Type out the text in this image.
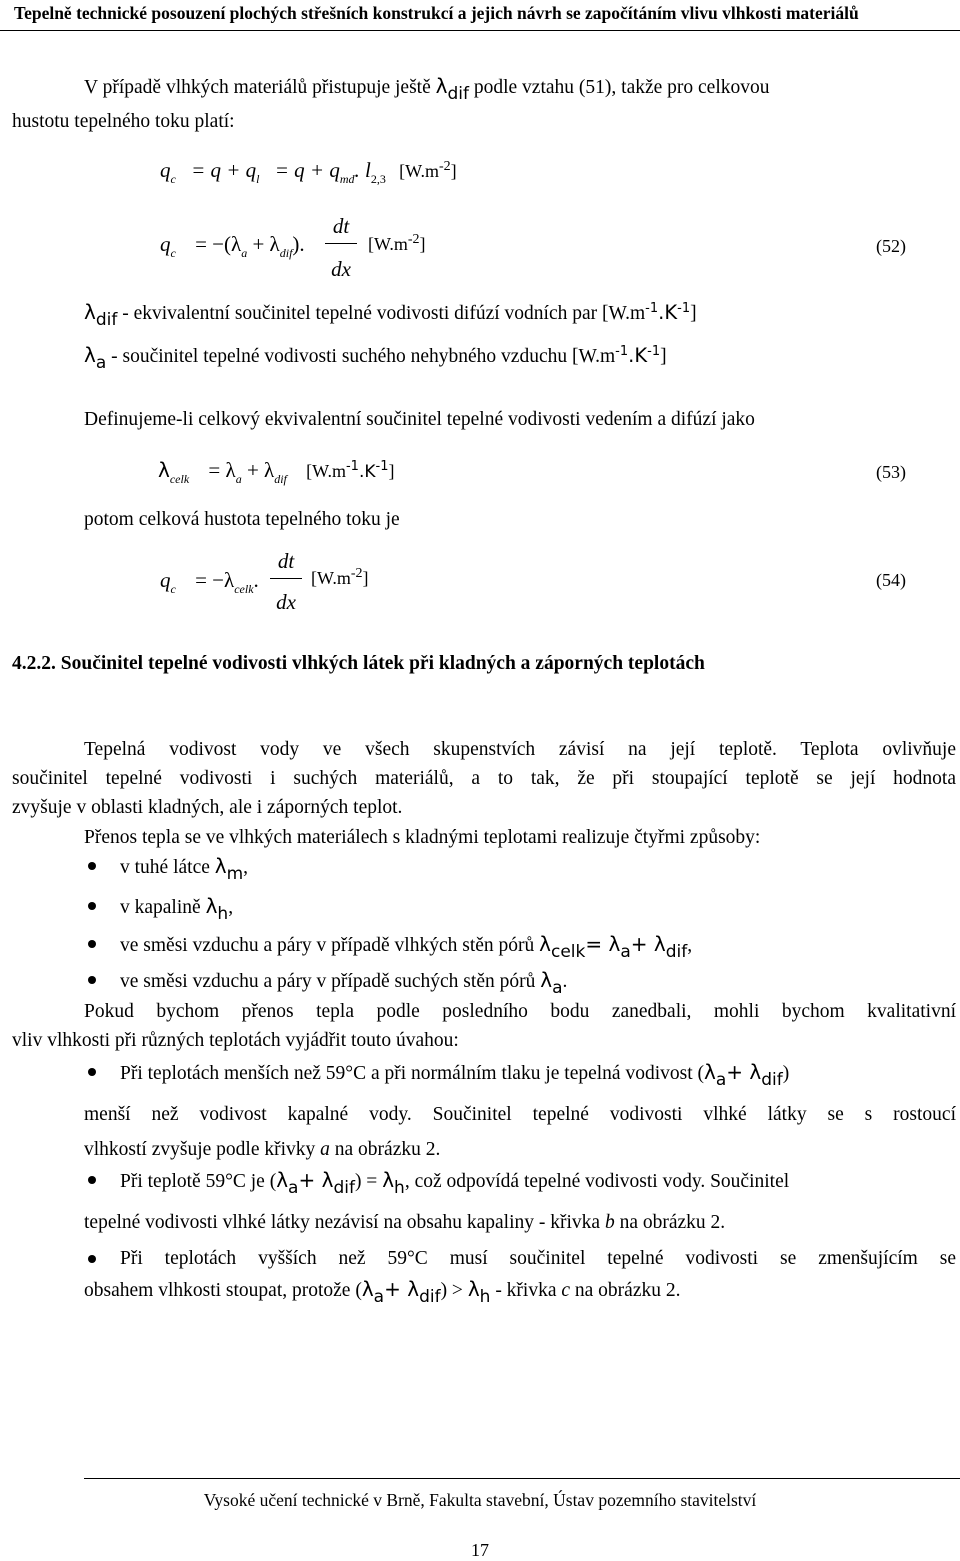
Tepelně technické posouzení plochých střešních konstrukcí a jejich návrh se započítáním vlivu vlhkosti materiálů
V případě vlhkých materiálů přistupuje ještě λdif podle vztahu (51), takže pro celkovou
hustotu tepelného toku platí:
$q_c = q + q_l = q + q_{md}$. $l_{2,3}$ $[W.m^{-2}]$
$q_c = -(\lambda_a + \lambda_{dif})$.
dt
dx
[W.m-2]	(52)
λdif - ekvivalentní součinitel tepelné vodivosti difúzí vodních par $[W.m^{-1}.K^{-1}]$
λa - součinitel tepelné vodivosti suchého nehybného vzduchu $[W.m^{-1}.K^{-1}]$
Definujeme-li celkový ekvivalentní součinitel tepelné vodivosti vedením a difúzí jako
$\lambda_{celk} = \lambda_a + \lambda_{dif}$ $[W.m^{-1}.K^{-1}]$	(53)
potom celková hustota tepelného toku je
$q_c = -\lambda_{celk}$.
dt
dx
[W.m-2]	(54)
4.2.2. Součinitel tepelné vodivosti vlhkých látek při kladných a záporných teplotách
Tepelná vodivost vody ve všech skupenstvích závisí na její teplotě. Teplota ovlivňuje
součinitel tepelné vodivosti i suchých materiálů, a to tak, že při stoupající teplotě se její hodnota
zvyšuje v oblasti kladných, ale i záporných teplot.
Přenos tepla se ve vlhkých materiálech s kladnými teplotami realizuje čtyřmi způsoby:
v tuhé látce λm,
v kapalině λh,
ve směsi vzduchu a páry v případě vlhkých stěn pórů λcelk= λa+ λdif,
ve směsi vzduchu a páry v případě suchých stěn pórů λa.
Pokud bychom přenos tepla podle posledního bodu zanedbali, mohli bychom kvalitativní
vliv vlhkosti při různých teplotách vyjádřit touto úvahou:
Při teplotách menších než 59°C a při normálním tlaku je tepelná vodivost (λa+ λdif)
menší než vodivost kapalné vody. Součinitel tepelné vodivosti vlhké látky se s rostoucí
vlhkostí zvyšuje podle křivky a na obrázku 2.
Při teplotě 59°C je (λa+ λdif) = λh, což odpovídá tepelné vodivosti vody. Součinitel
tepelné vodivosti vlhké látky nezávisí na obsahu kapaliny - křivka b na obrázku 2.
Při teplotách vyšších než 59°C musí součinitel tepelné vodivosti se zmenšujícím se
obsahem vlhkosti stoupat, protože (λa+ λdif) > λh - křivka c na obrázku 2.
Vysoké učení technické v Brně, Fakulta stavební, Ústav pozemního stavitelství
17
